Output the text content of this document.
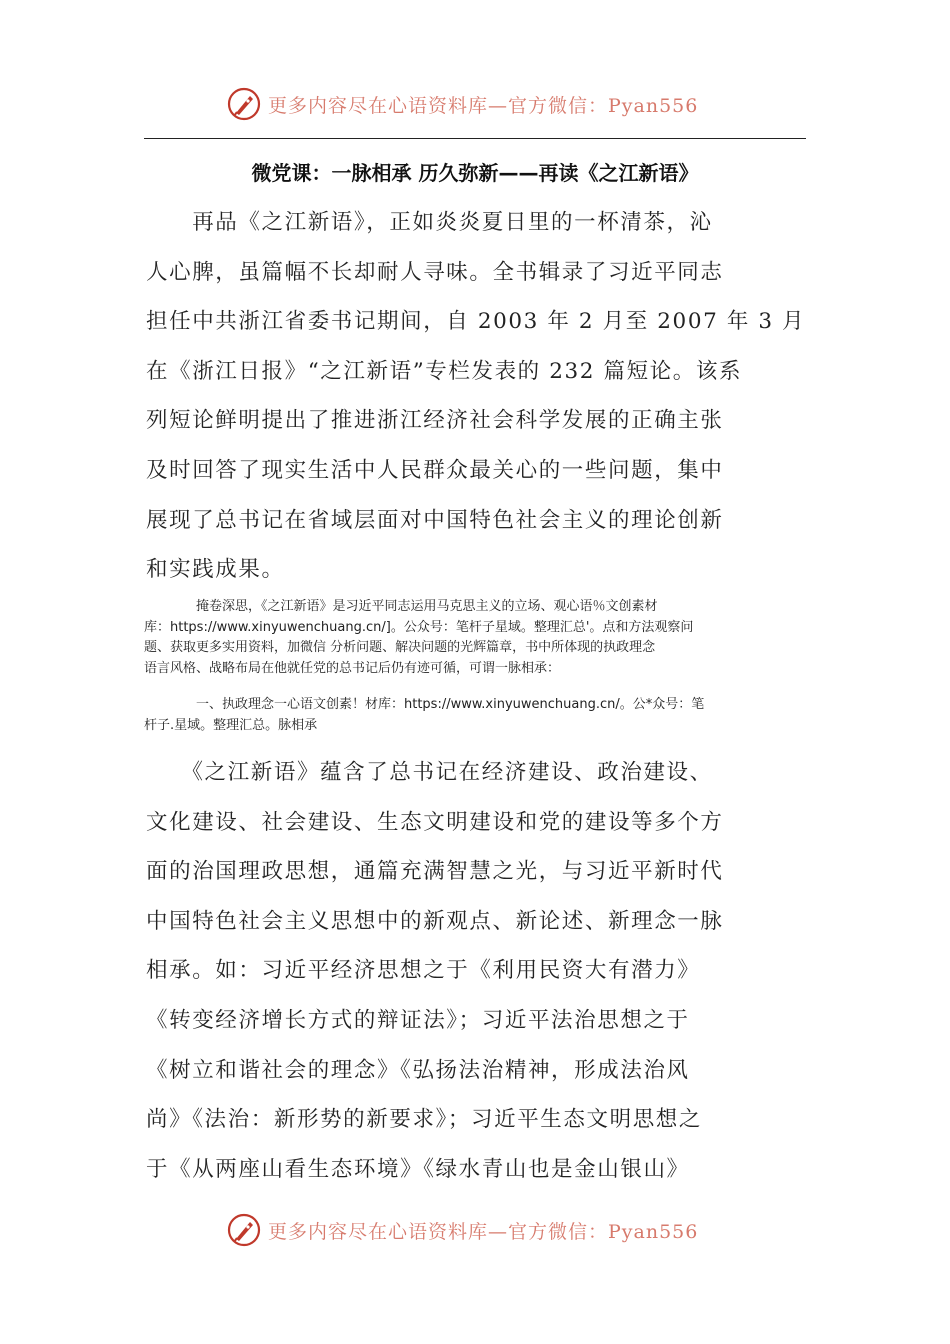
更多内容尽在心语资料库—官方微信：Pyan556
微党课：一脉相承 历久弥新——再读《之江新语》
　　再品《之江新语》，正如炎炎夏日里的一杯清茶，沁
人心脾，虽篇幅不长却耐人寻味。全书辑录了习近平同志
担任中共浙江省委书记期间，自 2003 年 2 月至 2007 年 3 月
在《浙江日报》“之江新语”专栏发表的 232 篇短论。该系
列短论鲜明提出了推进浙江经济社会科学发展的正确主张
及时回答了现实生活中人民群众最关心的一些问题，集中
展现了总书记在省域层面对中国特色社会主义的理论创新
和实践成果。
　　　　掩卷深思，《之江新语》是习近平同志运用马克思主义的立场、观心语％文创素材
库：https://www.xinyuwenchuang.cn/]。公众号：笔杆子星域。整理汇总'。点和方法观察问
题、获取更多实用资料，加微信 分析问题、解决问题的光辉篇章，书中所体现的执政理念
语言风格、战略布局在他就任党的总书记后仍有迹可循，可谓一脉相承：
　　　　一、执政理念一心语文创素！材库：https://www.xinyuwenchuang.cn/。公*众号：笔
杆子.星域。整理汇总。脉相承
　　《之江新语》蕴含了总书记在经济建设、政治建设、
文化建设、社会建设、生态文明建设和党的建设等多个方
面的治国理政思想，通篇充满智慧之光，与习近平新时代
中国特色社会主义思想中的新观点、新论述、新理念一脉
相承。如：习近平经济思想之于《利用民资大有潜力》
《转变经济增长方式的辩证法》；习近平法治思想之于
《树立和谐社会的理念》《弘扬法治精神，形成法治风
尚》《法治：新形势的新要求》；习近平生态文明思想之
于《从两座山看生态环境》《绿水青山也是金山银山》
更多内容尽在心语资料库—官方微信：Pyan556
